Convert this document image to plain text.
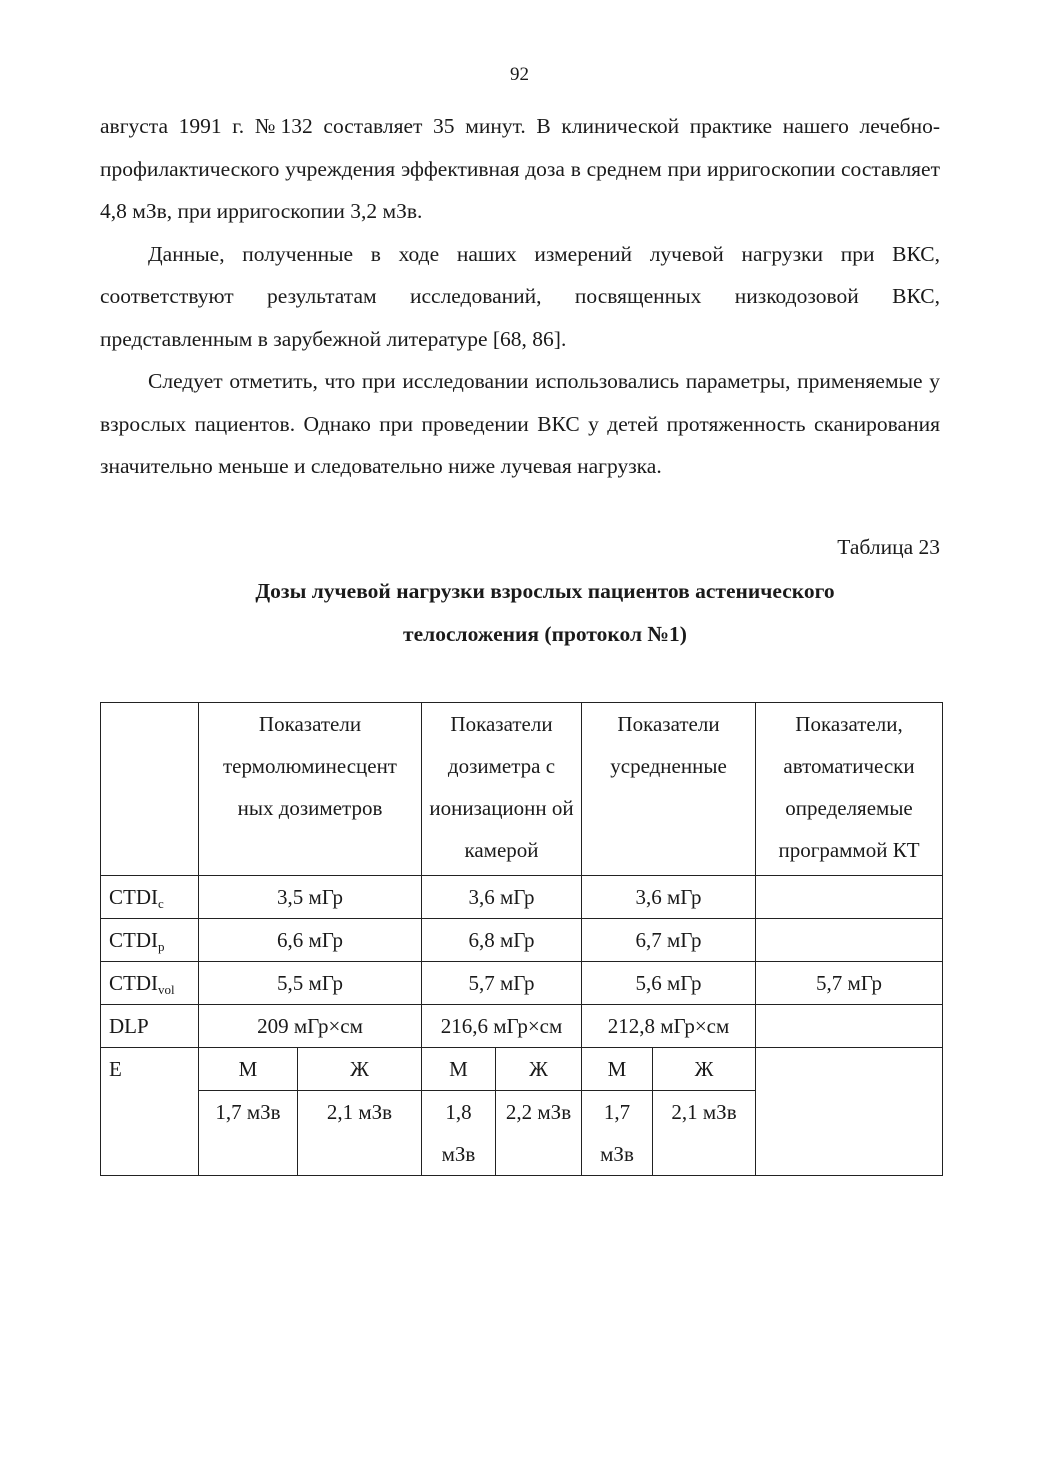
92

августа 1991 г. №132 составляет 35 минут. В клинической практике нашего лечебно-профилактического учреждения эффективная доза в среднем при ирригоскопии составляет 4,8 мЗв, при ирригоскопии 3,2 мЗв.

Данные, полученные в ходе наших измерений лучевой нагрузки при ВКС, соответствуют результатам исследований, посвященных низкодозовой ВКС, представленным в зарубежной литературе [68, 86].

Следует отметить, что при исследовании использовались параметры, применяемые у взрослых пациентов. Однако при проведении ВКС у детей протяженность сканирования значительно меньше и следовательно ниже лучевая нагрузка.

Таблица 23
Дозы лучевой нагрузки взрослых пациентов астенического
телосложения (протокол №1)
	Показатели термолюминесцент ных дозиметров		Показатели дозиметра с ионизационн ой камерой		Показатели усредненные		Показатели, автоматически определяемые программой КТ
$CTDI_c$	3,5 мГр		3,6 мГр		3,6 мГр		
$CTDI_p$	6,6 мГр		6,8 мГр		6,7 мГр		
$CTDI_{vol}$	5,5 мГр		5,7 мГр		5,6 мГр		5,7 мГр
DLP	209 мГр×см		216,6 мГр×см		212,8 мГр×см		
E	М	Ж	М	Ж	М	Ж	
	1,7 мЗв	2,1 мЗв	1,8 мЗв	2,2 мЗв	1,7 мЗв	2,1 мЗв	
